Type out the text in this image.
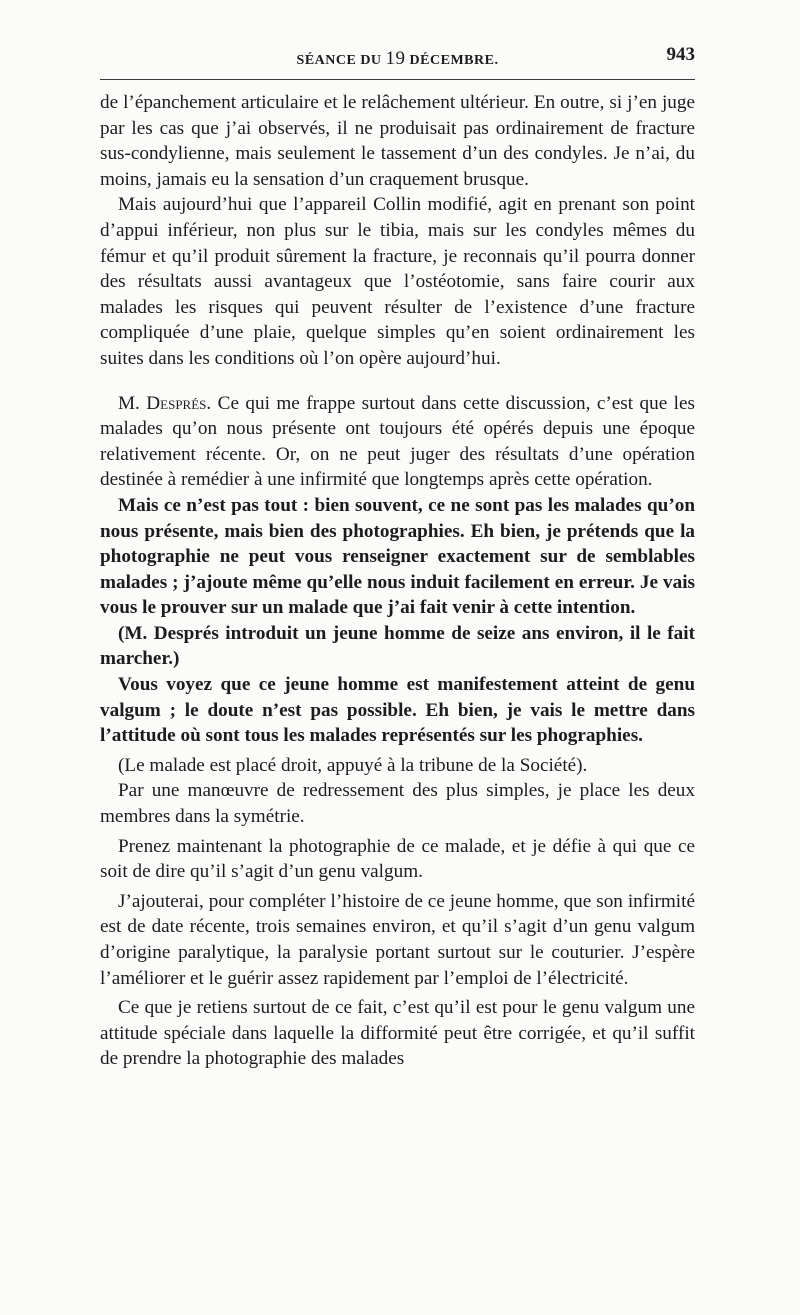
SÉANCE DU 19 DÉCEMBRE.	943

de l’épanchement articulaire et le relâchement ultérieur. En outre, si j’en juge par les cas que j’ai observés, il ne produisait pas ordinairement de fracture sus-condylienne, mais seulement le tassement d’un des condyles. Je n’ai, du moins, jamais eu la sensation d’un craquement brusque.

Mais aujourd’hui que l’appareil Collin modifié, agit en prenant son point d’appui inférieur, non plus sur le tibia, mais sur les condyles mêmes du fémur et qu’il produit sûrement la fracture, je reconnais qu’il pourra donner des résultats aussi avantageux que l’ostéotomie, sans faire courir aux malades les risques qui peuvent résulter de l’existence d’une fracture compliquée d’une plaie, quelque simples qu’en soient ordinairement les suites dans les conditions où l’on opère aujourd’hui.

M. Després. Ce qui me frappe surtout dans cette discussion, c’est que les malades qu’on nous présente ont toujours été opérés depuis une époque relativement récente. Or, on ne peut juger des résultats d’une opération destinée à remédier à une infirmité que longtemps après cette opération.

Mais ce n’est pas tout : bien souvent, ce ne sont pas les malades qu’on nous présente, mais bien des photographies. Eh bien, je prétends que la photographie ne peut vous renseigner exactement sur de semblables malades ; j’ajoute même qu’elle nous induit facilement en erreur. Je vais vous le prouver sur un malade que j’ai fait venir à cette intention.

(M. Després introduit un jeune homme de seize ans environ, il le fait marcher.)

Vous voyez que ce jeune homme est manifestement atteint de genu valgum ; le doute n’est pas possible. Eh bien, je vais le mettre dans l’attitude où sont tous les malades représentés sur les phographies.

(Le malade est placé droit, appuyé à la tribune de la Société).

Par une manœuvre de redressement des plus simples, je place les deux membres dans la symétrie.

Prenez maintenant la photographie de ce malade, et je défie à qui que ce soit de dire qu’il s’agit d’un genu valgum.

J’ajouterai, pour compléter l’histoire de ce jeune homme, que son infirmité est de date récente, trois semaines environ, et qu’il s’agit d’un genu valgum d’origine paralytique, la paralysie portant surtout sur le couturier. J’espère l’améliorer et le guérir assez rapidement par l’emploi de l’électricité.

Ce que je retiens surtout de ce fait, c’est qu’il est pour le genu valgum une attitude spéciale dans laquelle la difformité peut être corrigée, et qu’il suffit de prendre la photographie des malades
